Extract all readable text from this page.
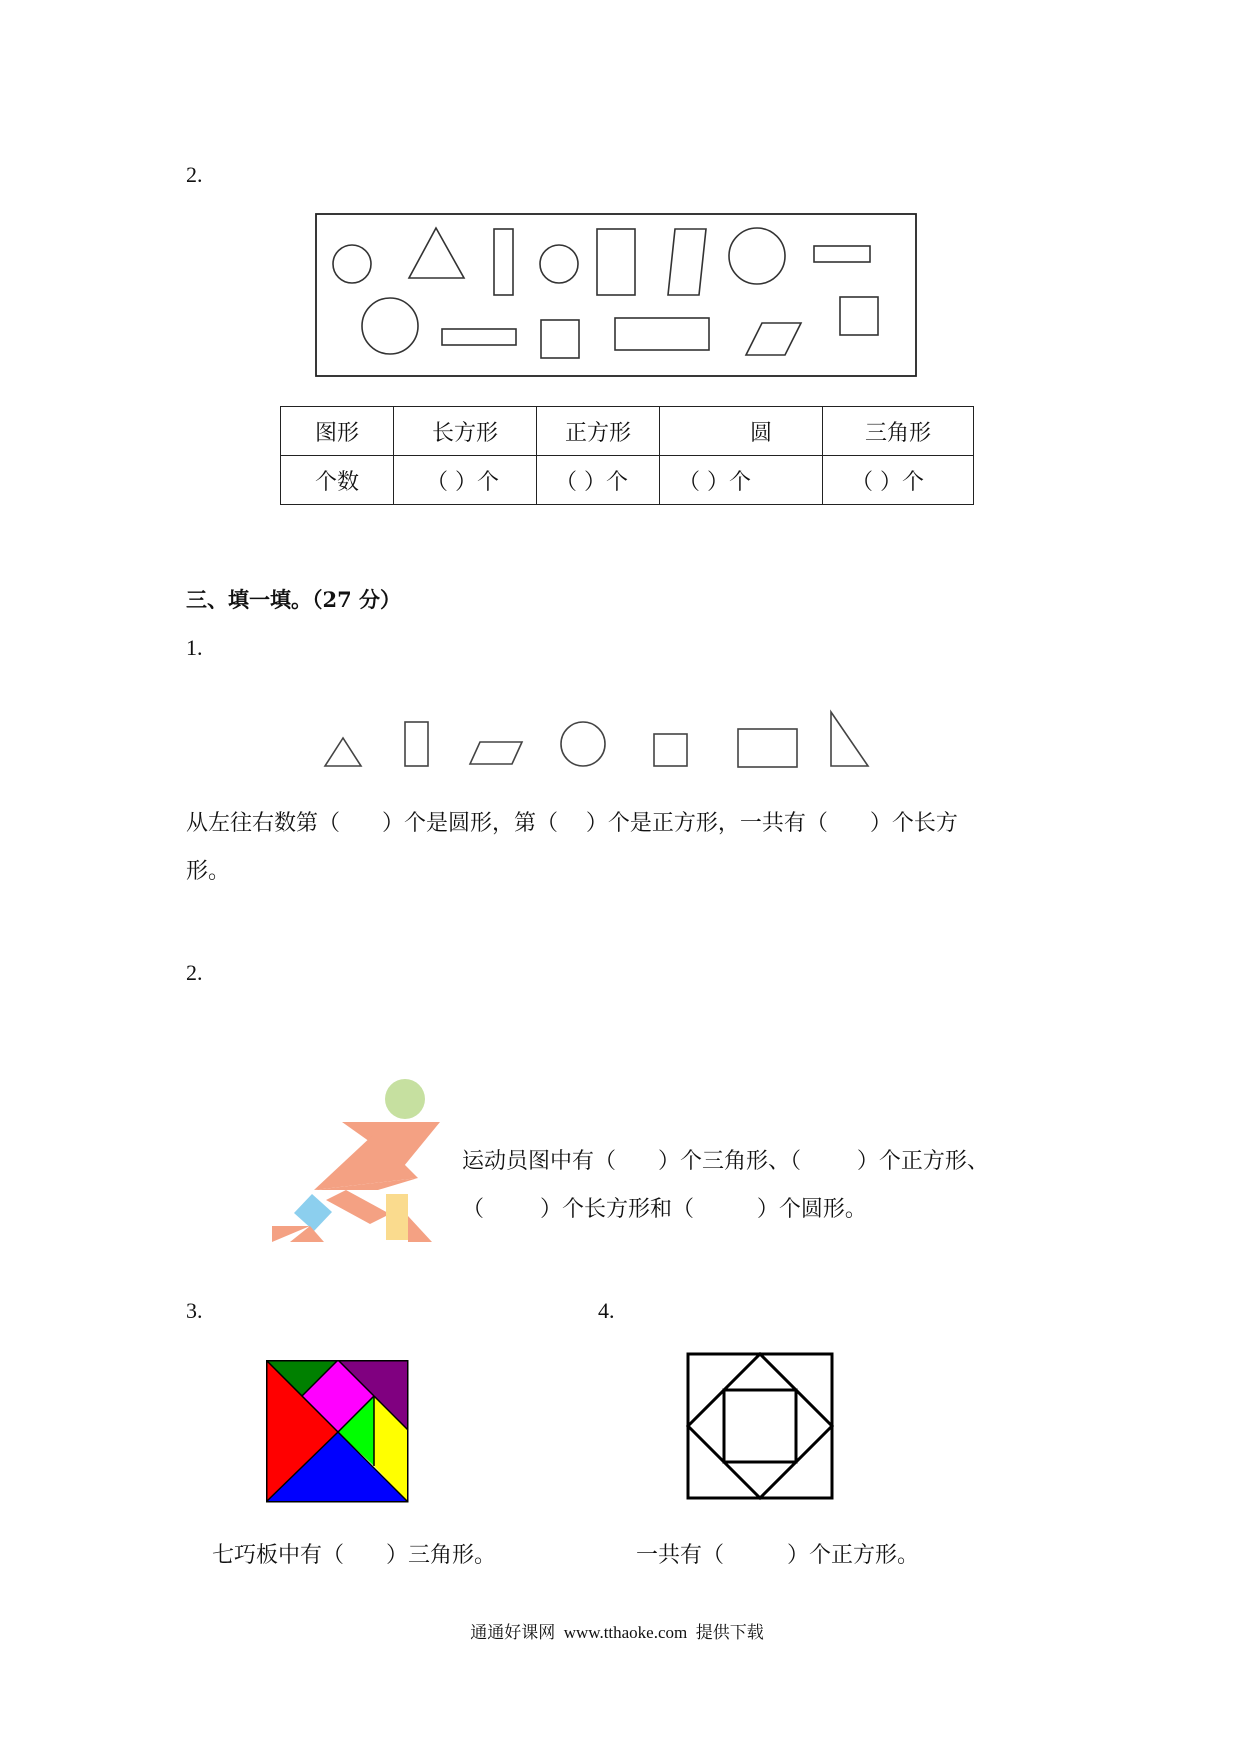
2.
图形	长方形	正方形	圆	三角形
个数	（ ）个	（ ）个	（ ）个	（ ）个
三、填一填。（27 分）
1.
从左往右数第（      ）个是圆形，第（    ）个是正方形，一共有（      ）个长方
形。
2.
运动员图中有（      ）个三角形、（        ）个正方形、
（        ）个长方形和（         ）个圆形。
3.
七巧板中有（      ）三角形。
4.
一共有（         ）个正方形。
通通好课网  www.tthaoke.com  提供下载
